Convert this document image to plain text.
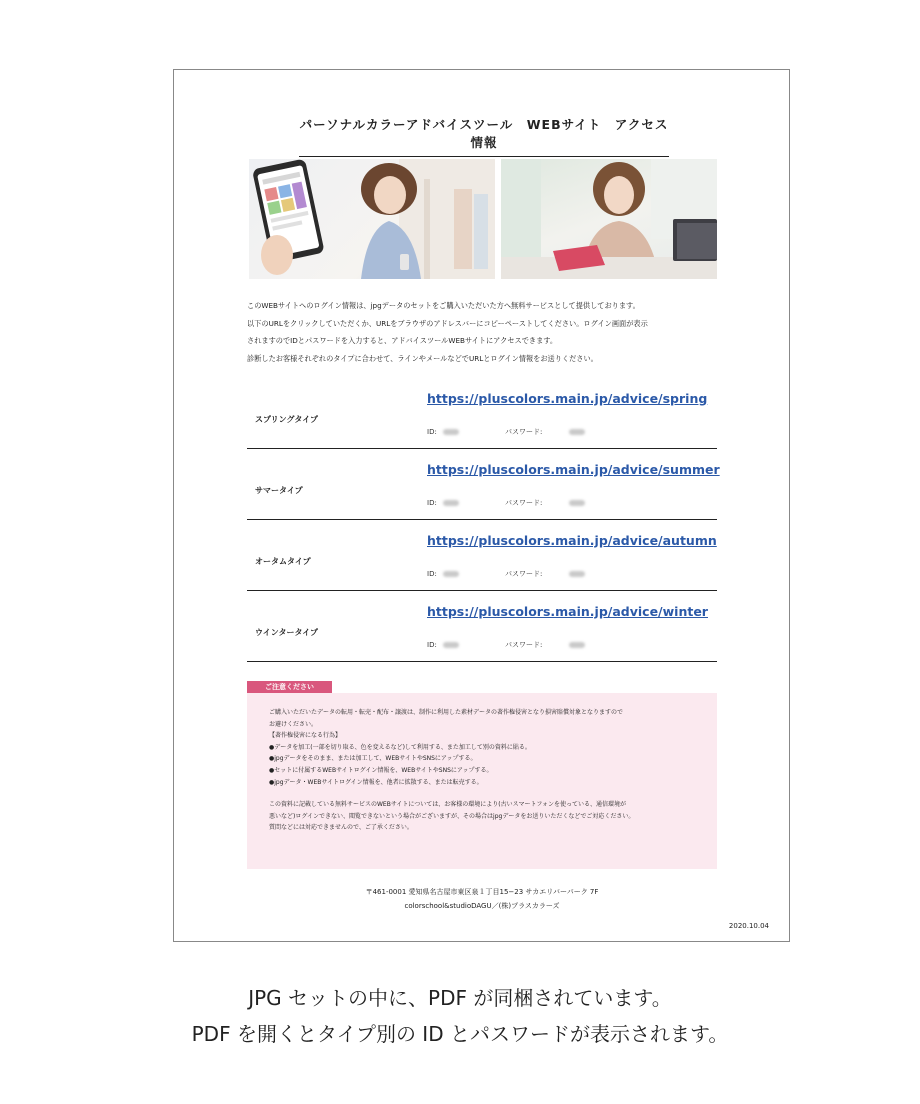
パーソナルカラーアドバイスツール　WEBサイト　アクセス情報

このWEBサイトへのログイン情報は、jpgデータのセットをご購入いただいた方へ無料サービスとして提供しております。

以下のURLをクリックしていただくか、URLをブラウザのアドレスバーにコピーペーストしてください。ログイン画面が表示

されますのでIDとパスワードを入力すると、アドバイスツールWEBサイトにアクセスできます。

診断したお客様それぞれのタイプに合わせて、ラインやメールなどでURLとログイン情報をお送りください。

スプリングタイプ
https://pluscolors.main.jp/advice/spring
ID:	パスワード:
サマータイプ
https://pluscolors.main.jp/advice/summer
ID:	パスワード:
オータムタイプ
https://pluscolors.main.jp/advice/autumn
ID:	パスワード:
ウインタータイプ
https://pluscolors.main.jp/advice/winter
ID:	パスワード:
ご注意ください

ご購入いただいたデータの転用・転売・配布・譲渡は、制作に利用した素材データの著作権侵害となり損害賠償対象となりますので

お避けください。

【著作権侵害になる行為】

●データを加工(一部を切り取る、色を変えるなど)して利用する、また加工して別の資料に貼る。

●jpgデータをそのまま、または加工して、WEBサイトやSNSにアップする。

●セットに付属するWEBサイトログイン情報を、WEBサイトやSNSにアップする。

●jpgデータ・WEBサイトログイン情報を、他者に拡散する、または転売する。

この資料に記載している無料サービスのWEBサイトについては、お客様の環境により(古いスマートフォンを使っている、通信環境が

悪いなど)ログインできない、閲覧できないという場合がございますが、その場合はjpgデータをお送りいただくなどでご対応ください。

質問などには対応できませんので、ご了承ください。

〒461-0001 愛知県名古屋市東区泉１丁目15−23 サカエリバーパーク 7F

colorschool&studioDAGU／(株)プラスカラーズ

2020.10.04
JPG セットの中に、PDF が同梱されています。
PDF を開くとタイプ別の ID とパスワードが表示されます。
